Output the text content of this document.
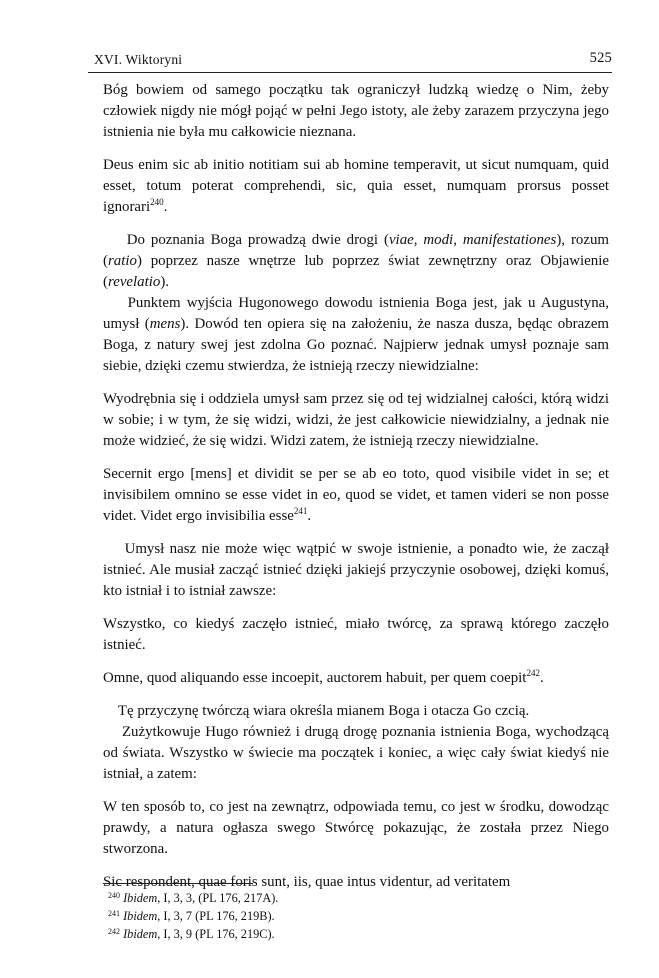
XVI. Wiktoryni	525

Bóg bowiem od samego początku tak ograniczył ludzką wiedzę o Nim, żeby człowiek nigdy nie mógł pojąć w pełni Jego istoty, ale żeby zarazem przyczyna jego istnienia nie była mu całkowicie nieznana.

Deus enim sic ab initio notitiam sui ab homine temperavit, ut sicut numquam, quid esset, totum poterat comprehendi, sic, quia esset, numquam prorsus posset ignorari$^{240}$.

Do poznania Boga prowadzą dwie drogi (viae, modi, manifestationes), rozum (ratio) poprzez nasze wnętrze lub poprzez świat zewnętrzny oraz Objawienie (revelatio).

Punktem wyjścia Hugonowego dowodu istnienia Boga jest, jak u Augustyna, umysł (mens). Dowód ten opiera się na założeniu, że nasza dusza, będąc obrazem Boga, z natury swej jest zdolna Go poznać. Najpierw jednak umysł poznaje sam siebie, dzięki czemu stwierdza, że istnieją rzeczy niewidzialne:

Wyodrębnia się i oddziela umysł sam przez się od tej widzialnej całości, którą widzi w sobie; i w tym, że się widzi, widzi, że jest całkowicie niewidzialny, a jednak nie może widzieć, że się widzi. Widzi zatem, że istnieją rzeczy niewidzialne.

Secernit ergo [mens] et dividit se per se ab eo toto, quod visibile videt in se; et invisibilem omnino se esse videt in eo, quod se videt, et tamen videri se non posse videt. Videt ergo invisibilia esse$^{241}$.

Umysł nasz nie może więc wątpić w swoje istnienie, a ponadto wie, że zaczął istnieć. Ale musiał zacząć istnieć dzięki jakiejś przyczynie osobowej, dzięki komuś, kto istniał i to istniał zawsze:

Wszystko, co kiedyś zaczęło istnieć, miało twórcę, za sprawą którego zaczęło istnieć.

Omne, quod aliquando esse incoepit, auctorem habuit, per quem coepit$^{242}$.

Tę przyczynę twórczą wiara określa mianem Boga i otacza Go czcią.

Zużytkowuje Hugo również i drugą drogę poznania istnienia Boga, wychodzącą od świata. Wszystko w świecie ma początek i koniec, a więc cały świat kiedyś nie istniał, a zatem:

W ten sposób to, co jest na zewnątrz, odpowiada temu, co jest w środku, dowodząc prawdy, a natura ogłasza swego Stwórcę pokazując, że została przez Niego stworzona.

Sic respondent, quae foris sunt, iis, quae intus videntur, ad veritatem

$^{240}$ Ibidem, I, 3, 3, (PL 176, 217A).
$^{241}$ Ibidem, I, 3, 7 (PL 176, 219B).
$^{242}$ Ibidem, I, 3, 9 (PL 176, 219C).
